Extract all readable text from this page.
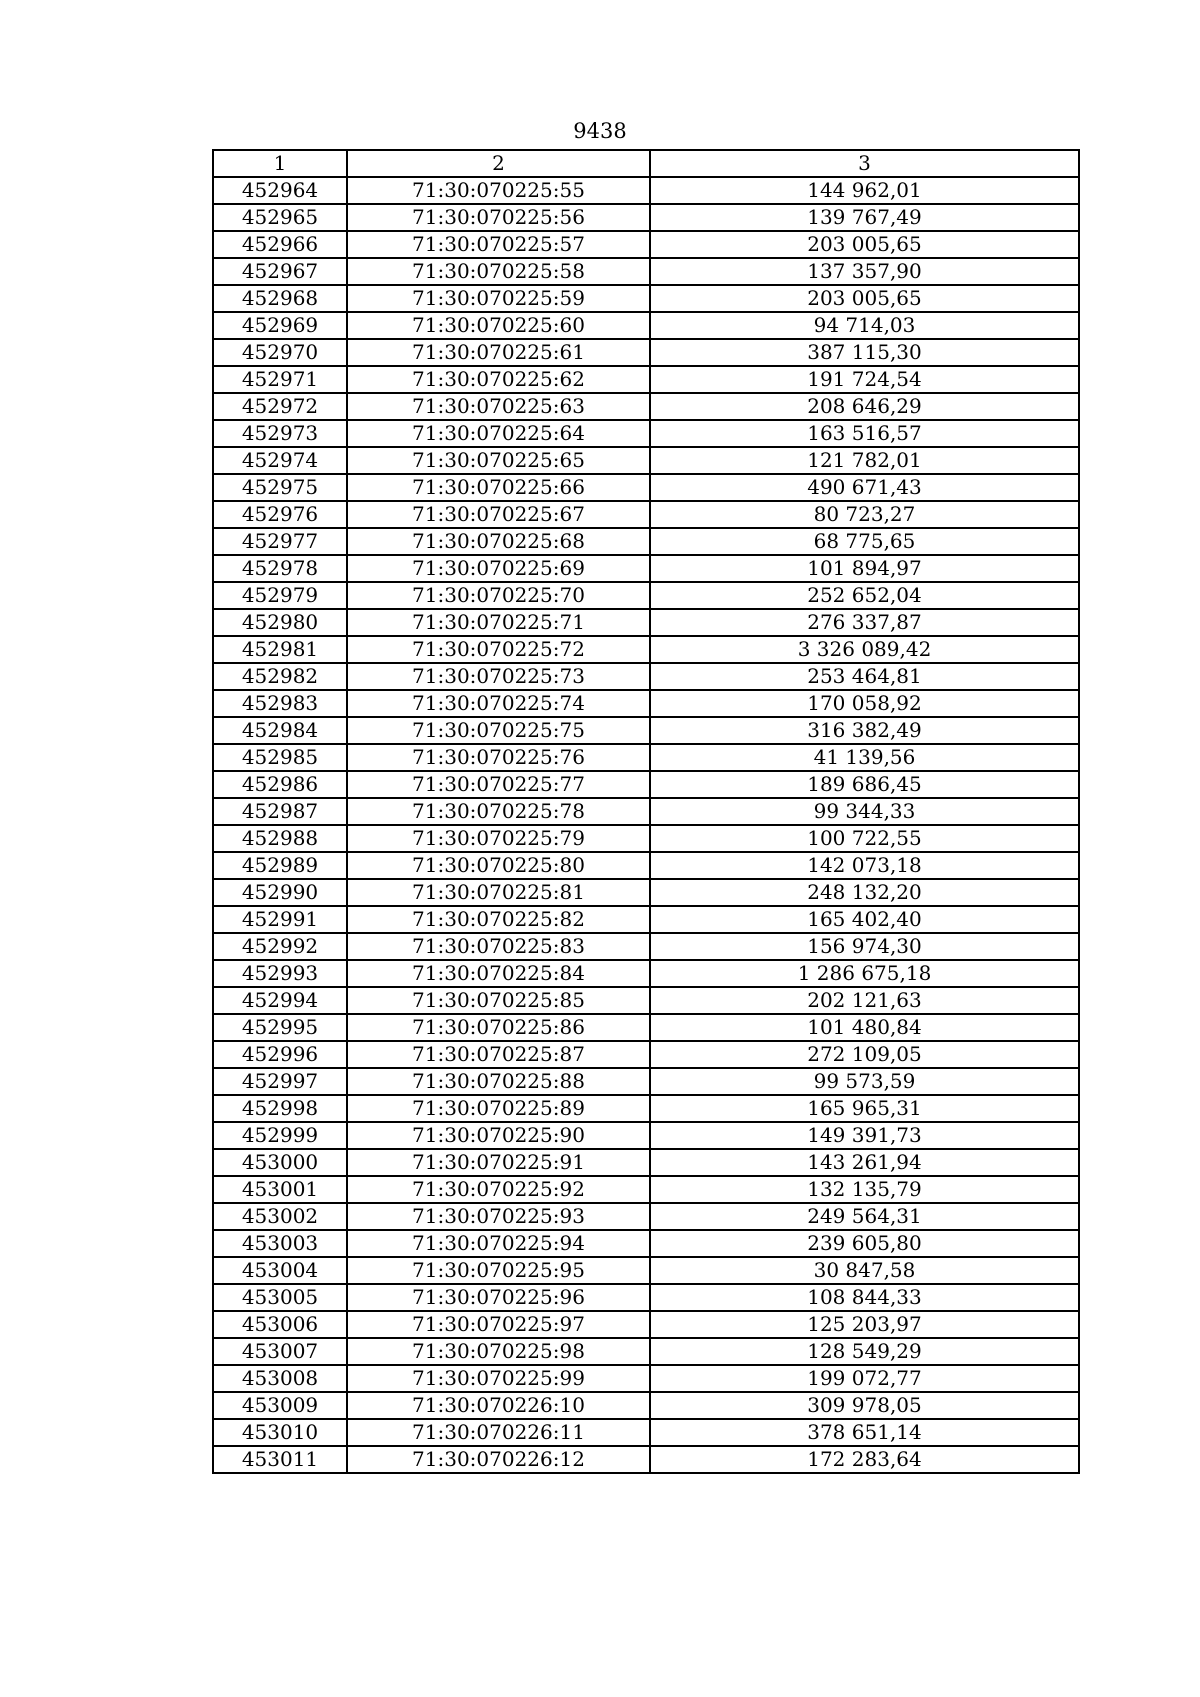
9438
1	2	3
452964	71:30:070225:55	144 962,01
452965	71:30:070225:56	139 767,49
452966	71:30:070225:57	203 005,65
452967	71:30:070225:58	137 357,90
452968	71:30:070225:59	203 005,65
452969	71:30:070225:60	94 714,03
452970	71:30:070225:61	387 115,30
452971	71:30:070225:62	191 724,54
452972	71:30:070225:63	208 646,29
452973	71:30:070225:64	163 516,57
452974	71:30:070225:65	121 782,01
452975	71:30:070225:66	490 671,43
452976	71:30:070225:67	80 723,27
452977	71:30:070225:68	68 775,65
452978	71:30:070225:69	101 894,97
452979	71:30:070225:70	252 652,04
452980	71:30:070225:71	276 337,87
452981	71:30:070225:72	3 326 089,42
452982	71:30:070225:73	253 464,81
452983	71:30:070225:74	170 058,92
452984	71:30:070225:75	316 382,49
452985	71:30:070225:76	41 139,56
452986	71:30:070225:77	189 686,45
452987	71:30:070225:78	99 344,33
452988	71:30:070225:79	100 722,55
452989	71:30:070225:80	142 073,18
452990	71:30:070225:81	248 132,20
452991	71:30:070225:82	165 402,40
452992	71:30:070225:83	156 974,30
452993	71:30:070225:84	1 286 675,18
452994	71:30:070225:85	202 121,63
452995	71:30:070225:86	101 480,84
452996	71:30:070225:87	272 109,05
452997	71:30:070225:88	99 573,59
452998	71:30:070225:89	165 965,31
452999	71:30:070225:90	149 391,73
453000	71:30:070225:91	143 261,94
453001	71:30:070225:92	132 135,79
453002	71:30:070225:93	249 564,31
453003	71:30:070225:94	239 605,80
453004	71:30:070225:95	30 847,58
453005	71:30:070225:96	108 844,33
453006	71:30:070225:97	125 203,97
453007	71:30:070225:98	128 549,29
453008	71:30:070225:99	199 072,77
453009	71:30:070226:10	309 978,05
453010	71:30:070226:11	378 651,14
453011	71:30:070226:12	172 283,64
